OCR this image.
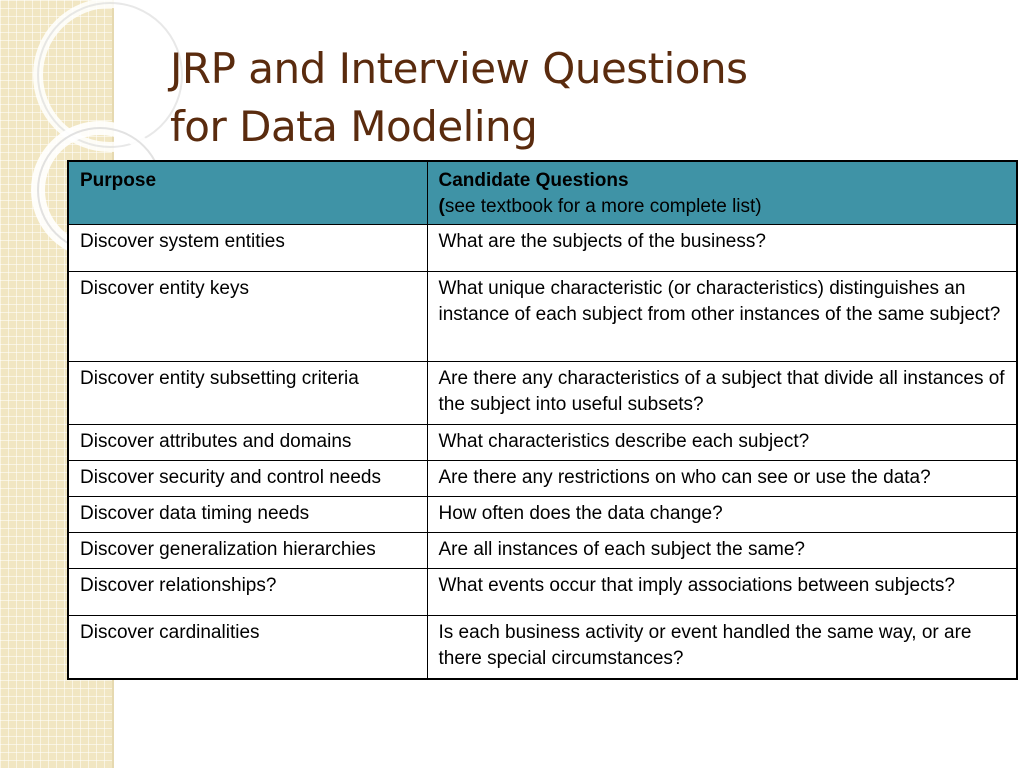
JRP and Interview Questions
for Data Modeling
Purpose	Candidate Questions
(see textbook for a more complete list)
Discover system entities	What are the subjects of the business?
Discover entity keys	What unique characteristic (or characteristics) distinguishes an instance of each subject from other instances of the same subject?
Discover entity subsetting criteria	Are there any characteristics of a subject that divide all instances of the subject into useful subsets?
Discover attributes and domains	What characteristics describe each subject?
Discover security and control needs	Are there any restrictions on who can see or use the data?
Discover data timing needs	How often does the data change?
Discover generalization hierarchies	Are all instances of each subject the same?
Discover relationships?	What events occur that imply associations between subjects?
Discover cardinalities	Is each business activity or event handled the same way, or are there special circumstances?
